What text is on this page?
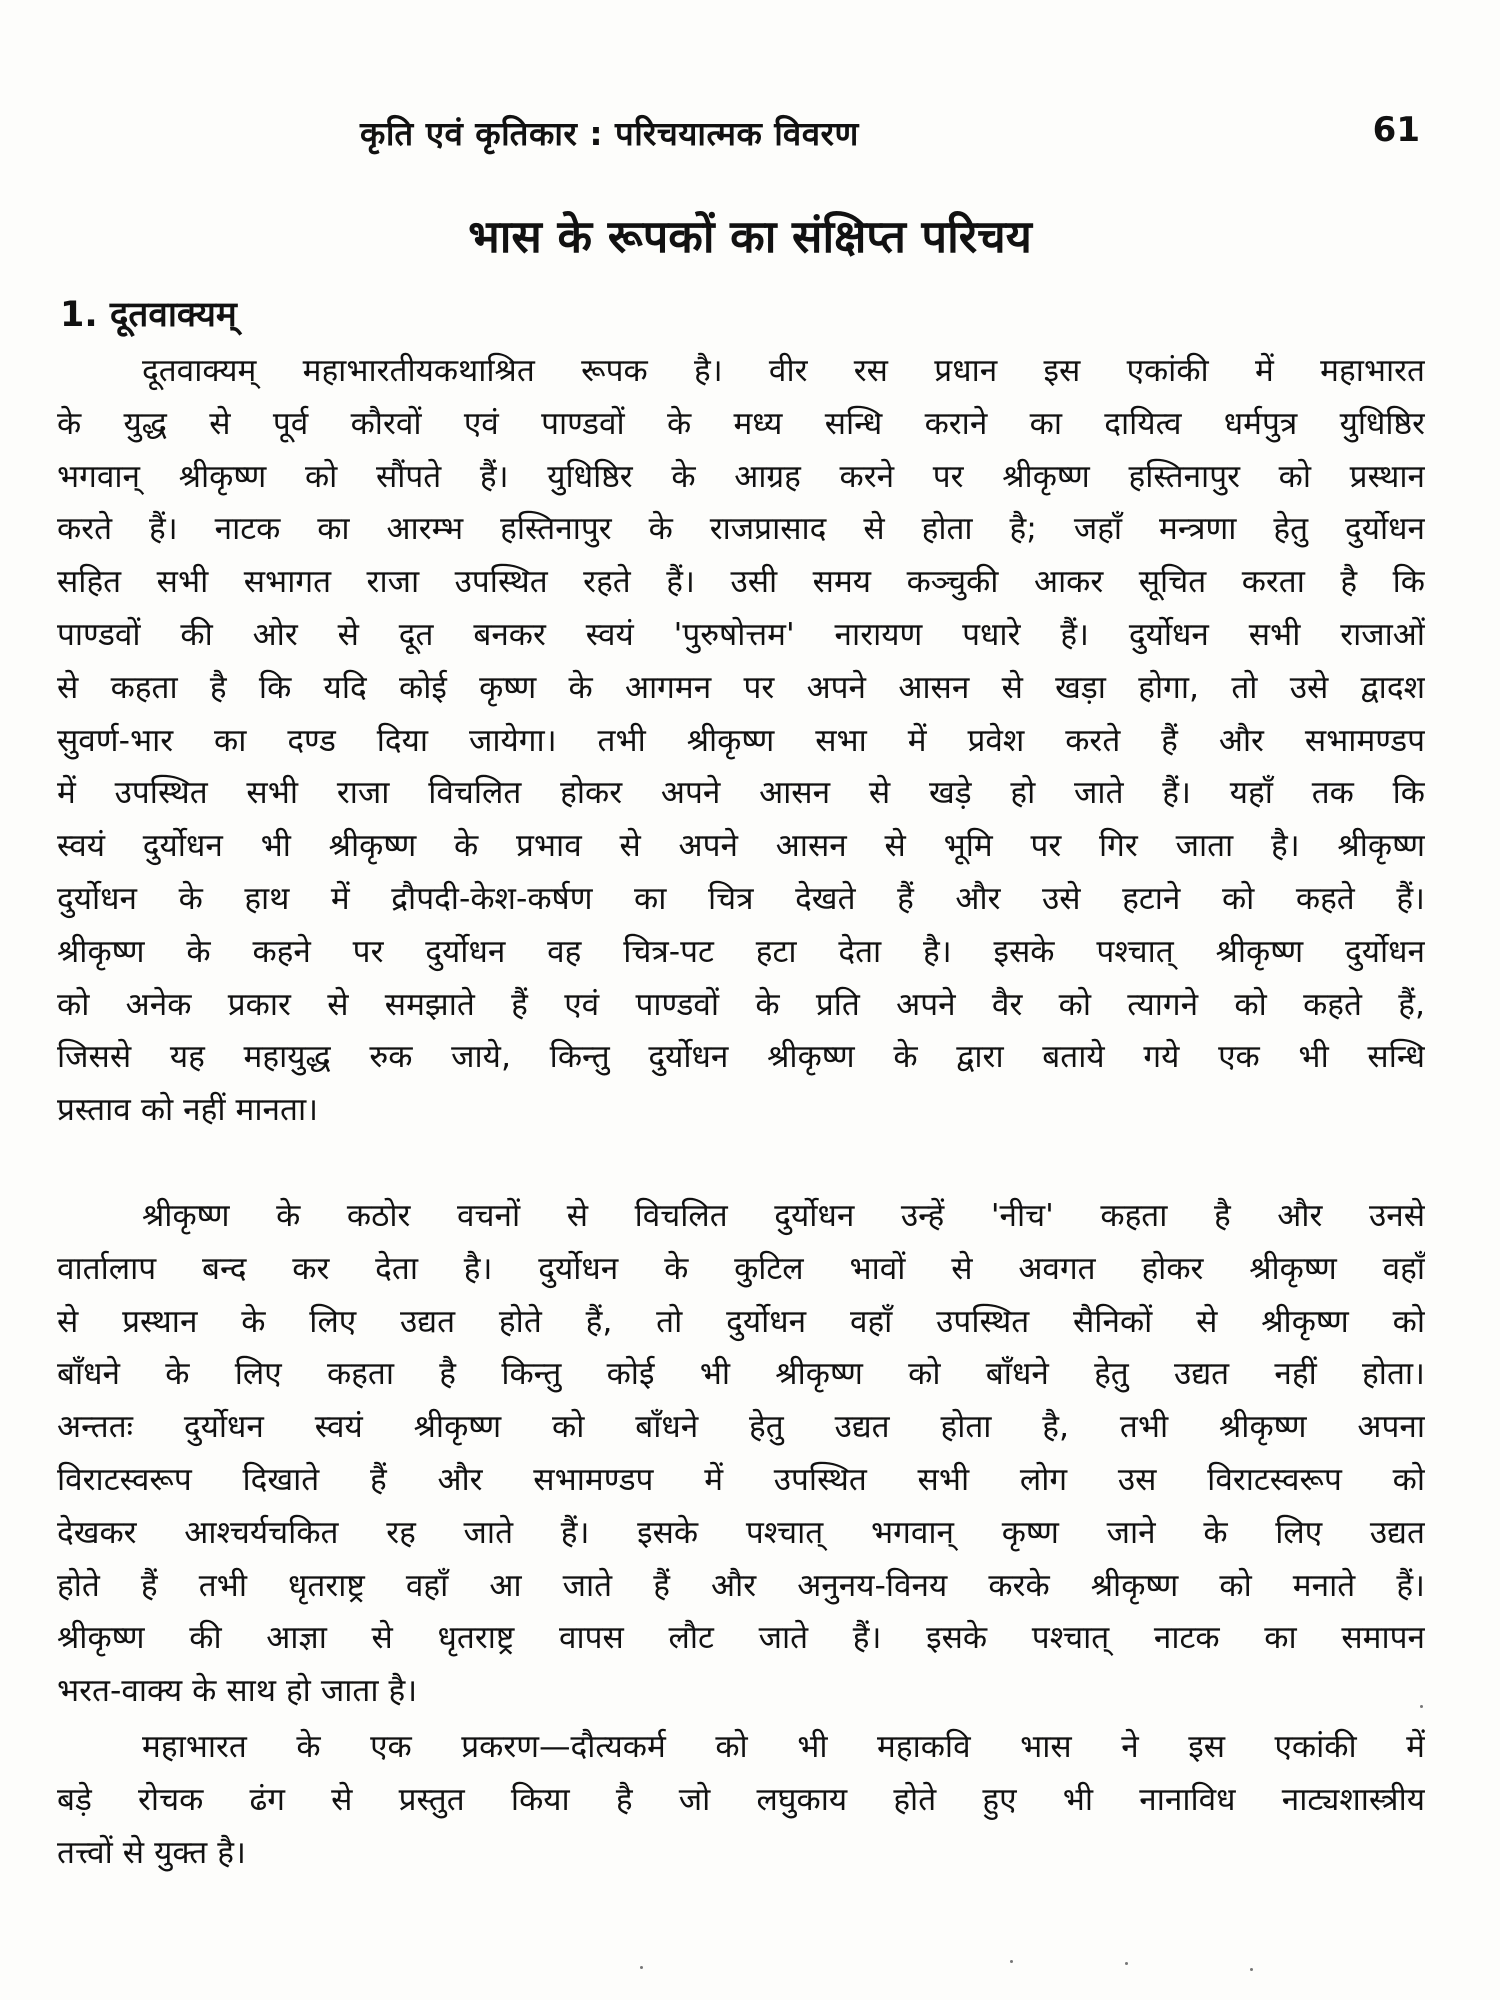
कृति एवं कृतिकार : परिचयात्मक विवरण	61
भास के रूपकों का संक्षिप्त परिचय
1. दूतवाक्यम्
दूतवाक्यम् महाभारतीयकथाश्रित रूपक है। वीर रस प्रधान इस एकांकी में महाभारत
के युद्ध से पूर्व कौरवों एवं पाण्डवों के मध्य सन्धि कराने का दायित्व धर्मपुत्र युधिष्ठिर
भगवान् श्रीकृष्ण को सौंपते हैं। युधिष्ठिर के आग्रह करने पर श्रीकृष्ण हस्तिनापुर को प्रस्थान
करते हैं। नाटक का आरम्भ हस्तिनापुर के राजप्रासाद से होता है; जहाँ मन्त्रणा हेतु दुर्योधन
सहित सभी सभागत राजा उपस्थित रहते हैं। उसी समय कञ्चुकी आकर सूचित करता है कि
पाण्डवों की ओर से दूत बनकर स्वयं 'पुरुषोत्तम' नारायण पधारे हैं। दुर्योधन सभी राजाओं
से कहता है कि यदि कोई कृष्ण के आगमन पर अपने आसन से खड़ा होगा, तो उसे द्वादश
सुवर्ण-भार का दण्ड दिया जायेगा। तभी श्रीकृष्ण सभा में प्रवेश करते हैं और सभामण्डप
में उपस्थित सभी राजा विचलित होकर अपने आसन से खड़े हो जाते हैं। यहाँ तक कि
स्वयं दुर्योधन भी श्रीकृष्ण के प्रभाव से अपने आसन से भूमि पर गिर जाता है। श्रीकृष्ण
दुर्योधन के हाथ में द्रौपदी-केश-कर्षण का चित्र देखते हैं और उसे हटाने को कहते हैं।
श्रीकृष्ण के कहने पर दुर्योधन वह चित्र-पट हटा देता है। इसके पश्चात् श्रीकृष्ण दुर्योधन
को अनेक प्रकार से समझाते हैं एवं पाण्डवों के प्रति अपने वैर को त्यागने को कहते हैं,
जिससे यह महायुद्ध रुक जाये, किन्तु दुर्योधन श्रीकृष्ण के द्वारा बताये गये एक भी सन्धि
प्रस्ताव को नहीं मानता।
श्रीकृष्ण के कठोर वचनों से विचलित दुर्योधन उन्हें 'नीच' कहता है और उनसे
वार्तालाप बन्द कर देता है। दुर्योधन के कुटिल भावों से अवगत होकर श्रीकृष्ण वहाँ
से प्रस्थान के लिए उद्यत होते हैं, तो दुर्योधन वहाँ उपस्थित सैनिकों से श्रीकृष्ण को
बाँधने के लिए कहता है किन्तु कोई भी श्रीकृष्ण को बाँधने हेतु उद्यत नहीं होता।
अन्ततः दुर्योधन स्वयं श्रीकृष्ण को बाँधने हेतु उद्यत होता है, तभी श्रीकृष्ण अपना
विराटस्वरूप दिखाते हैं और सभामण्डप में उपस्थित सभी लोग उस विराटस्वरूप को
देखकर आश्चर्यचकित रह जाते हैं। इसके पश्चात् भगवान् कृष्ण जाने के लिए उद्यत
होते हैं तभी धृतराष्ट्र वहाँ आ जाते हैं और अनुनय-विनय करके श्रीकृष्ण को मनाते हैं।
श्रीकृष्ण की आज्ञा से धृतराष्ट्र वापस लौट जाते हैं। इसके पश्चात् नाटक का समापन
भरत-वाक्य के साथ हो जाता है।
महाभारत के एक प्रकरण—दौत्यकर्म को भी महाकवि भास ने इस एकांकी में
बड़े रोचक ढंग से प्रस्तुत किया है जो लघुकाय होते हुए भी नानाविध नाट्यशास्त्रीय
तत्त्वों से युक्त है।
